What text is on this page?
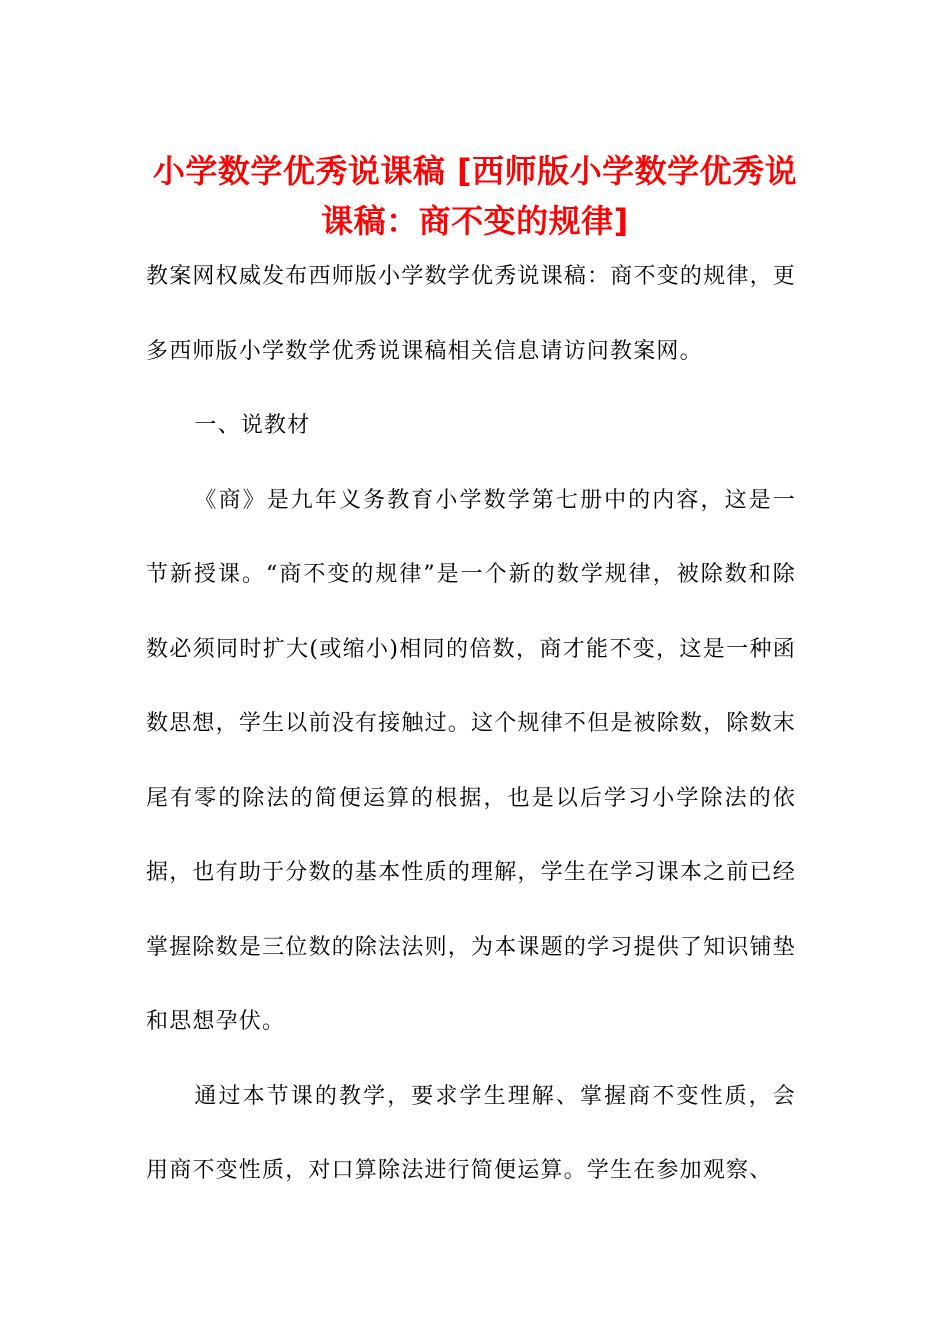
小学数学优秀说课稿 [西师版小学数学优秀说课稿：商不变的规律]

教案网权威发布西师版小学数学优秀说课稿：商不变的规律，更多西师版小学数学优秀说课稿相关信息请访问教案网。

一、说教材

《商》是九年义务教育小学数学第七册中的内容，这是一节新授课。“商不变的规律”是一个新的数学规律，被除数和除数必须同时扩大(或缩小)相同的倍数，商才能不变，这是一种函数思想，学生以前没有接触过。这个规律不但是被除数，除数末尾有零的除法的简便运算的根据，也是以后学习小学除法的依据，也有助于分数的基本性质的理解，学生在学习课本之前已经掌握除数是三位数的除法法则，为本课题的学习提供了知识铺垫和思想孕伏。

通过本节课的教学，要求学生理解、掌握商不变性质，会用商不变性质，对口算除法进行简便运算。学生在参加观察、
